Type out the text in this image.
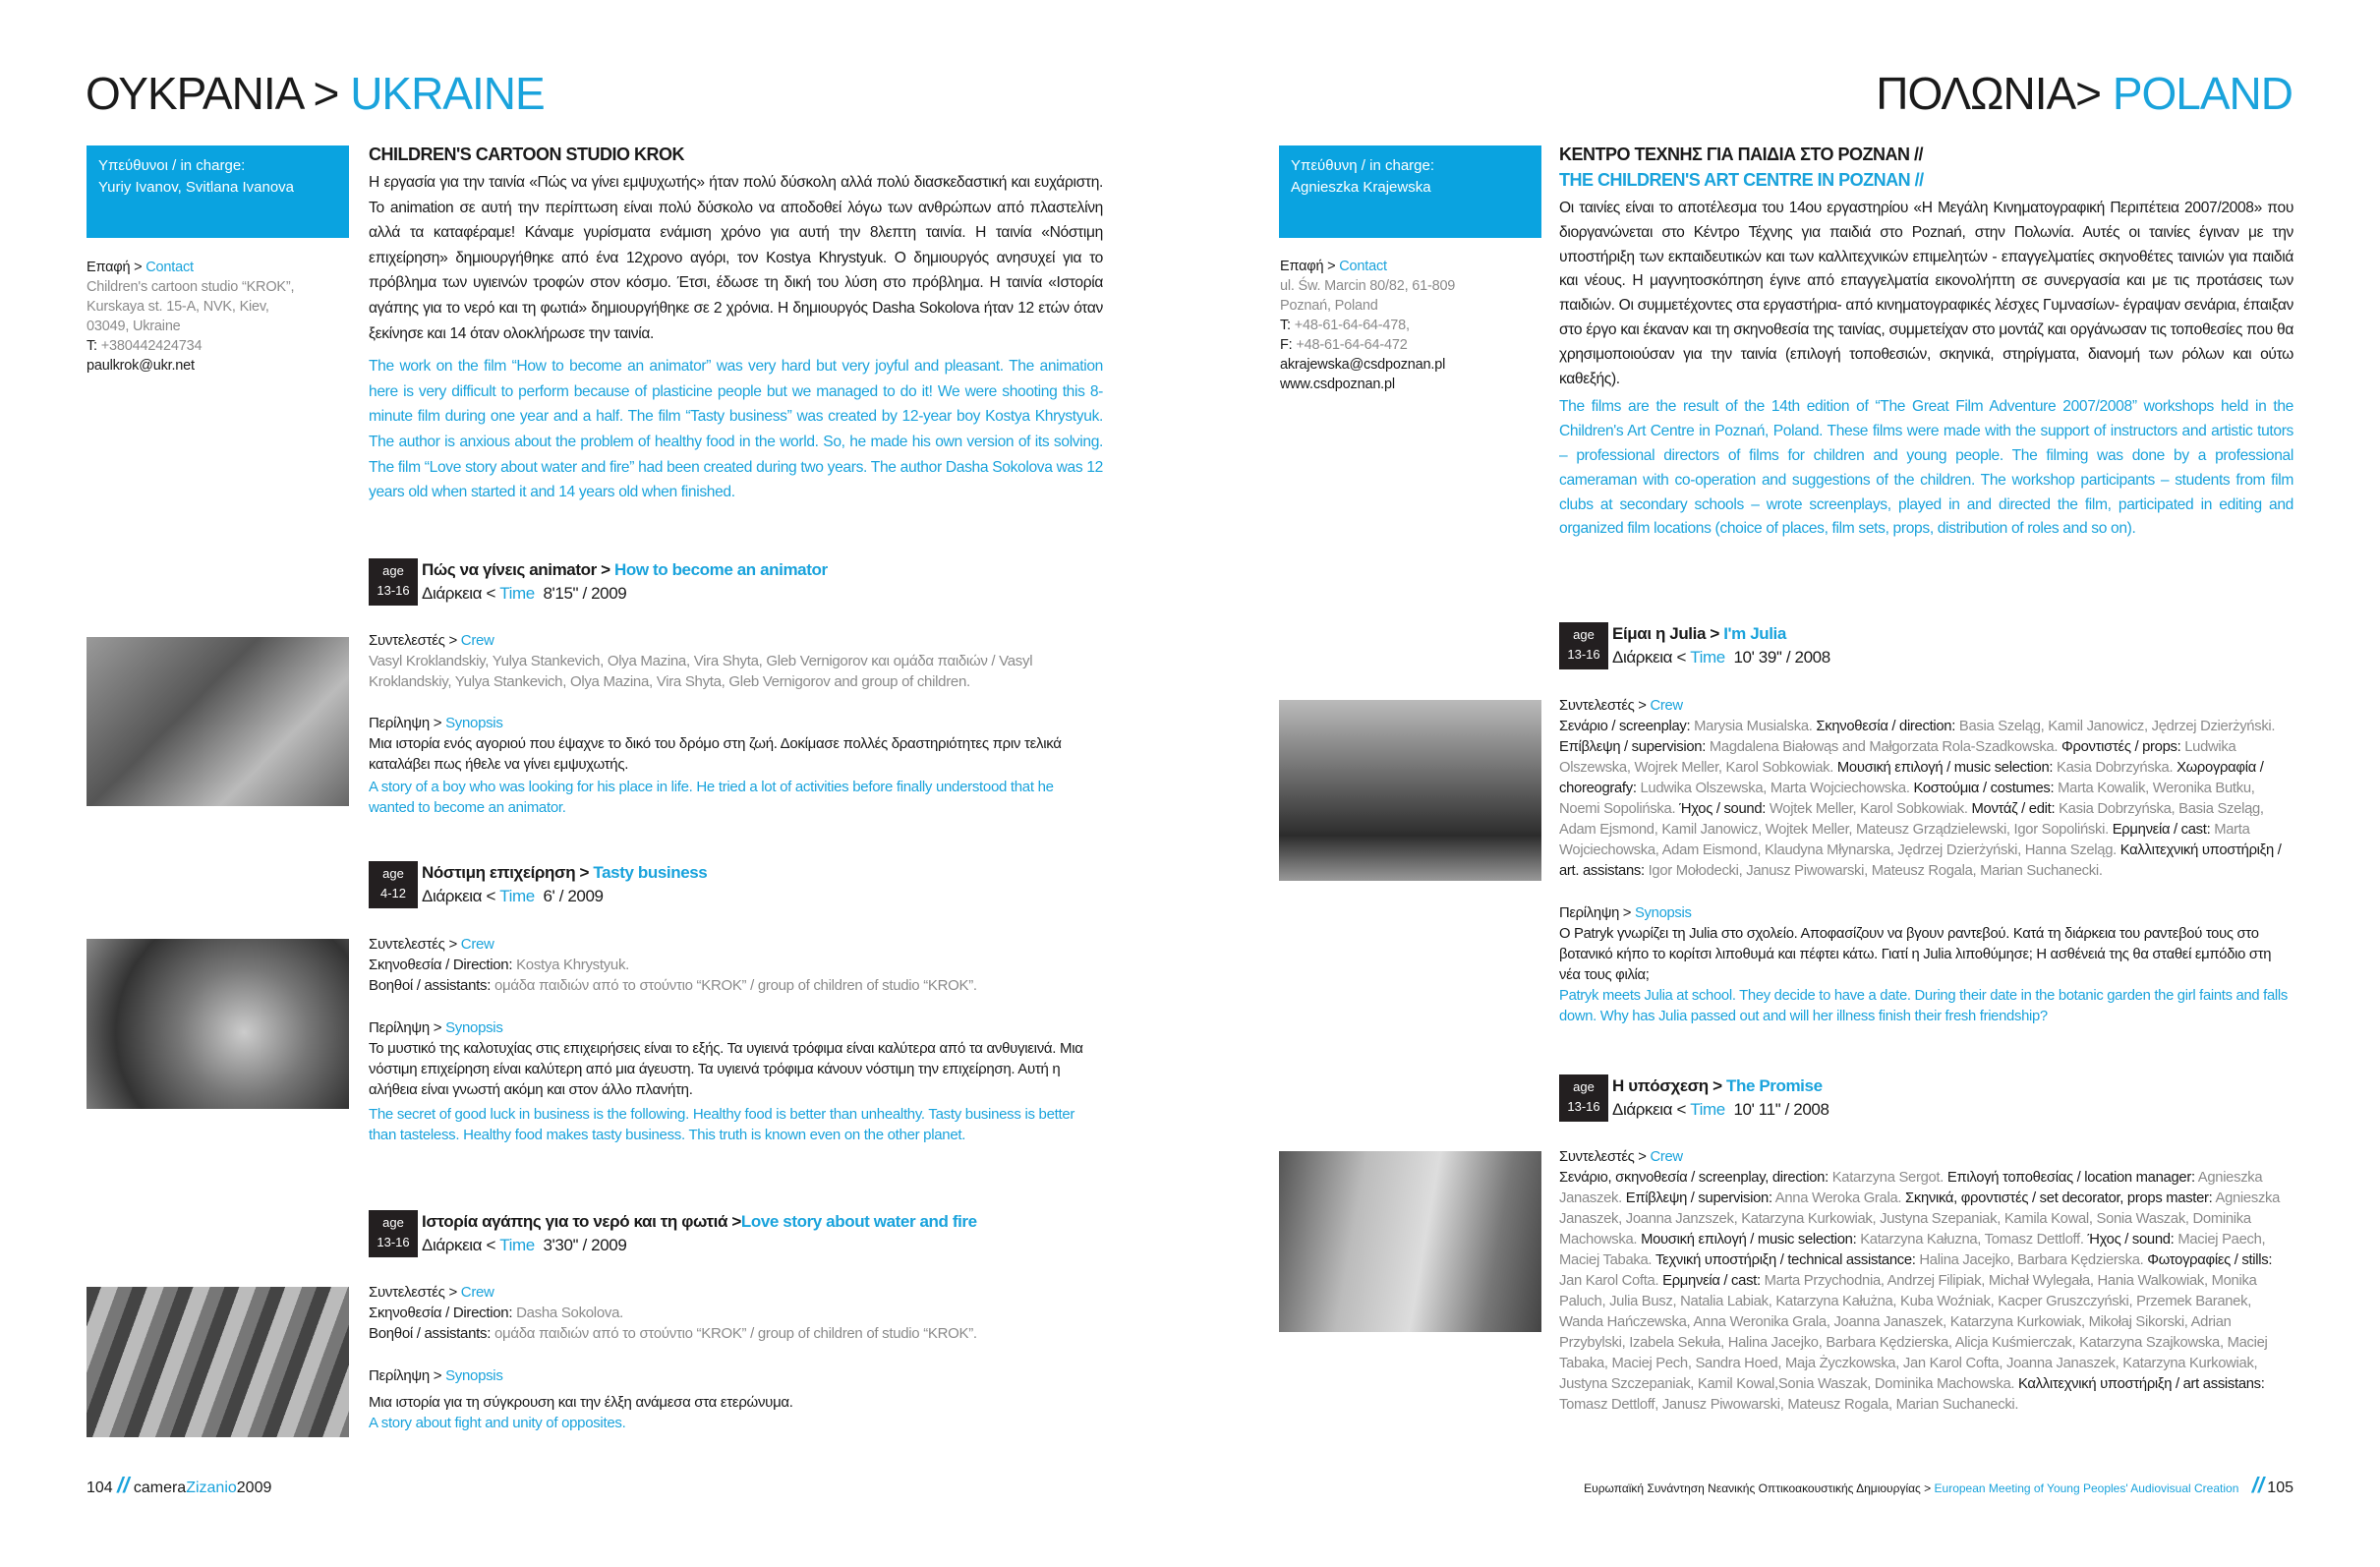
ΟΥΚΡΑΝΙΑ > UKRAINE
Υπεύθυνοι / in charge:
Yuriy Ivanov, Svitlana Ivanova
Επαφή > Contact
Children's cartoon studio “KROK”,
Kurskaya st. 15-A, NVK, Kiev,
03049, Ukraine
T: +380442424734
paulkrok@ukr.net
CHILDREN'S CARTOON STUDIO KROK

Η εργασία για την ταινία «Πώς να γίνει εμψυχωτής» ήταν πολύ δύσκολη αλλά πολύ διασκεδαστική και ευχάριστη. Το animation σε αυτή την περίπτωση είναι πολύ δύσκολο να αποδοθεί λόγω των ανθρώπων από πλαστελίνη αλλά τα καταφέραμε! Κάναμε γυρίσματα ενάμιση χρόνο για αυτή την 8λεπτη ταινία. Η ταινία «Νόστιμη επιχείρηση» δημιουργήθηκε από ένα 12χρονο αγόρι, τον Kostya Khrystyuk. Ο δημιουργός ανησυχεί για το πρόβλημα των υγιεινών τροφών στον κόσμο. Έτσι, έδωσε τη δική του λύση στο πρόβλημα. Η ταινία «Ιστορία αγάπης για το νερό και τη φωτιά» δημιουργήθηκε σε 2 χρόνια. Η δημιουργός Dasha Sokolova ήταν 12 ετών όταν ξεκίνησε και 14 όταν ολοκλήρωσε την ταινία.

The work on the film “How to become an animator” was very hard but very joyful and pleasant. The animation here is very difficult to perform because of plasticine people but we managed to do it! We were shooting this 8-minute film during one year and a half. The film “Tasty business” was created by 12-year boy Kostya Khrystyuk. The author is anxious about the problem of healthy food in the world. So, he made his own version of its solving. The film “Love story about water and fire” had been created during two years. The author Dasha Sokolova was 12 years old when started it and 14 years old when finished.

age
13-16
Πώς να γίνεις animator > How to become an animator
Διάρκεια < Time 8'15" / 2009
Συντελεστές > Crew
Vasyl Kroklandskiy, Yulya Stankevich, Olya Mazina, Vira Shyta, Gleb Vernigorov και ομάδα παιδιών / Vasyl Kroklandskiy, Yulya Stankevich, Olya Mazina, Vira Shyta, Gleb Vernigorov and group of children.
Περίληψη > Synopsis
Μια ιστορία ενός αγοριού που έψαχνε το δικό του δρόμο στη ζωή. Δοκίμασε πολλές δραστηριότητες πριν τελικά καταλάβει πως ήθελε να γίνει εμψυχωτής.
A story of a boy who was looking for his place in life. He tried a lot of activities before finally understood that he wanted to become an animator.
age
4-12
Νόστιμη επιχείρηση > Tasty business
Διάρκεια < Time 6' / 2009
Συντελεστές > Crew
Σκηνοθεσία / Direction: Kostya Khrystyuk.
Βοηθοί / assistants: ομάδα παιδιών από το στούντιο “KROK” / group of children of studio “KROK”.
Περίληψη > Synopsis
Το μυστικό της καλοτυχίας στις επιχειρήσεις είναι το εξής. Τα υγιεινά τρόφιμα είναι καλύτερα από τα ανθυγιεινά. Μια νόστιμη επιχείρηση είναι καλύτερη από μια άγευστη. Τα υγιεινά τρόφιμα κάνουν νόστιμη την επιχείρηση. Αυτή η αλήθεια είναι γνωστή ακόμη και στον άλλο πλανήτη.
The secret of good luck in business is the following. Healthy food is better than unhealthy. Tasty business is better than tasteless. Healthy food makes tasty business. This truth is known even on the other planet.
age
13-16
Ιστορία αγάπης για το νερό και τη φωτιά >Love story about water and fire
Διάρκεια < Time 3'30'' / 2009
Συντελεστές > Crew
Σκηνοθεσία / Direction: Dasha Sokolova.
Βοηθοί / assistants: ομάδα παιδιών από το στούντιο “KROK” / group of children of studio “KROK”.
Περίληψη > Synopsis
Μια ιστορία για τη σύγκρουση και την έλξη ανάμεσα στα ετερώνυμα.
A story about fight and unity of opposites.
104 // cameraZizanio2009
ΠΟΛΩΝΙΑ> POLAND
Υπεύθυνη / in charge:
Agnieszka Krajewska
Επαφή > Contact
ul. Św. Marcin 80/82, 61-809
Poznań, Poland
T: +48-61-64-64-478,
F: +48-61-64-64-472
akrajewska@csdpoznan.pl
www.csdpoznan.pl
ΚΕΝΤΡΟ ΤΕΧΝΗΣ ΓΙΑ ΠΑΙΔΙΑ ΣΤΟ POZNAN //
THE CHILDREN'S ART CENTRE IN POZNAN //

Οι ταινίες είναι το αποτέλεσμα του 14ου εργαστηρίου «Η Μεγάλη Κινηματογραφική Περιπέτεια 2007/2008» που διοργανώνεται στο Κέντρο Τέχνης για παιδιά στο Poznań, στην Πολωνία. Αυτές οι ταινίες έγιναν με την υποστήριξη των εκπαιδευτικών και των καλλιτεχνικών επιμελητών - επαγγελματίες σκηνοθέτες ταινιών για παιδιά και νέους. Η μαγνητοσκόπηση έγινε από επαγγελματία εικονολήπτη σε συνεργασία και με τις προτάσεις των παιδιών. Οι συμμετέχοντες στα εργαστήρια- από κινηματογραφικές λέσχες Γυμνασίων- έγραψαν σενάρια, έπαιξαν στο έργο και έκαναν και τη σκηνοθεσία της ταινίας, συμμετείχαν στο μοντάζ και οργάνωσαν τις τοποθεσίες που θα χρησιμοποιούσαν για την ταινία (επιλογή τοποθεσιών, σκηνικά, στηρίγματα, διανομή των ρόλων και ούτω καθεξής).

The films are the result of the 14th edition of “The Great Film Adventure 2007/2008” workshops held in the Children's Art Centre in Poznań, Poland. These films were made with the support of instructors and artistic tutors – professional directors of films for children and young people. The filming was done by a professional cameraman with co-operation and suggestions of the children. The workshop participants – students from film clubs at secondary schools – wrote screenplays, played in and directed the film, participated in editing and organized film locations (choice of places, film sets, props, distribution of roles and so on).

age
13-16
Είμαι η Julia > I'm Julia
Διάρκεια < Time 10' 39'' / 2008
Συντελεστές > Crew
Σενάριο / screenplay: Marysia Musialska. Σκηνοθεσία / direction: Basia Szeląg, Kamil Janowicz, Jędrzej Dzierżyński. Επίβλεψη / supervision: Magdalena Białowąs and Małgorzata Rola-Szadkowska. Φροντιστές / props: Ludwika Olszewska, Wojrek Meller, Karol Sobkowiak. Μουσική επιλογή / music selection: Kasia Dobrzyńska. Χωρογραφία / choreografy: Ludwika Olszewska, Marta Wojciechowska. Κοστούμια / costumes: Marta Kowalik, Weronika Butku, Noemi Sopolińska. Ήχος / sound: Wojtek Meller, Karol Sobkowiak. Μοντάζ / edit: Kasia Dobrzyńska, Basia Szeląg, Adam Ejsmond, Kamil Janowicz, Wojtek Meller, Mateusz Grządzielewski, Igor Sopoliński. Ερμηνεία / cast: Marta Wojciechowska, Adam Eismond, Klaudyna Młynarska, Jędrzej Dzierżyński, Hanna Szeląg. Καλλιτεχνική υποστήριξη / art. assistans: Igor Mołodecki, Janusz Piwowarski, Mateusz Rogala, Marian Suchanecki.
Περίληψη > Synopsis
Ο Patryk γνωρίζει τη Julia στο σχολείο. Αποφασίζουν να βγουν ραντεβού. Κατά τη διάρκεια του ραντεβού τους στο βοτανικό κήπο το κορίτσι λιποθυμά και πέφτει κάτω. Γιατί η Julia λιποθύμησε; Η ασθένειά της θα σταθεί εμπόδιο στη νέα τους φιλία;
Patryk meets Julia at school. They decide to have a date. During their date in the botanic garden the girl faints and falls down. Why has Julia passed out and will her illness finish their fresh friendship?
age
13-16
Η υπόσχεση > The Promise
Διάρκεια < Time 10' 11'' / 2008
Συντελεστές > Crew
Σενάριο, σκηνοθεσία / screenplay, direction: Katarzyna Sergot. Επιλογή τοποθεσίας / location manager: Agnieszka Janaszek. Επίβλεψη / supervision: Anna Weroka Grala. Σκηνικά, φροντιστές / set decorator, props master: Agnieszka Janaszek, Joanna Janzszek, Katarzyna Kurkowiak, Justyna Szepaniak, Kamila Kowal, Sonia Waszak, Dominika Machowska. Μουσική επιλογή / music selection: Katarzyna Kałuzna, Tomasz Dettloff. Ήχος / sound: Maciej Paech, Maciej Tabaka. Τεχνική υποστήριξη / technical assistance: Halina Jacejko, Barbara Kędzierska. Φωτογραφίες / stills: Jan Karol Cofta. Ερμηνεία / cast: Marta Przychodnia, Andrzej Filipiak, Michał Wylegała, Hania Walkowiak, Monika Paluch, Julia Busz, Natalia Labiak, Katarzyna Kałużna, Kuba Woźniak, Kacper Gruszczyński, Przemek Baranek, Wanda Hańczewska, Anna Weronika Grala, Joanna Janaszek, Katarzyna Kurkowiak, Mikołaj Sikorski, Adrian Przybylski, Izabela Sekuła, Halina Jacejko, Barbara Kędzierska, Alicja Kuśmierczak, Katarzyna Szajkowska, Maciej Tabaka, Maciej Pech, Sandra Hoed, Maja Życzkowska, Jan Karol Cofta, Joanna Janaszek, Katarzyna Kurkowiak, Justyna Szczepaniak, Kamil Kowal,Sonia Waszak, Dominika Machowska. Καλλιτεχνική υποστήριξη / art assistans: Tomasz Dettloff, Janusz Piwowarski, Mateusz Rogala, Marian Suchanecki.
Ευρωπαϊκή Συνάντηση Νεανικής Οπτικοακουστικής Δημιουργίας > European Meeting of Young Peoples' Audiovisual Creation // 105
